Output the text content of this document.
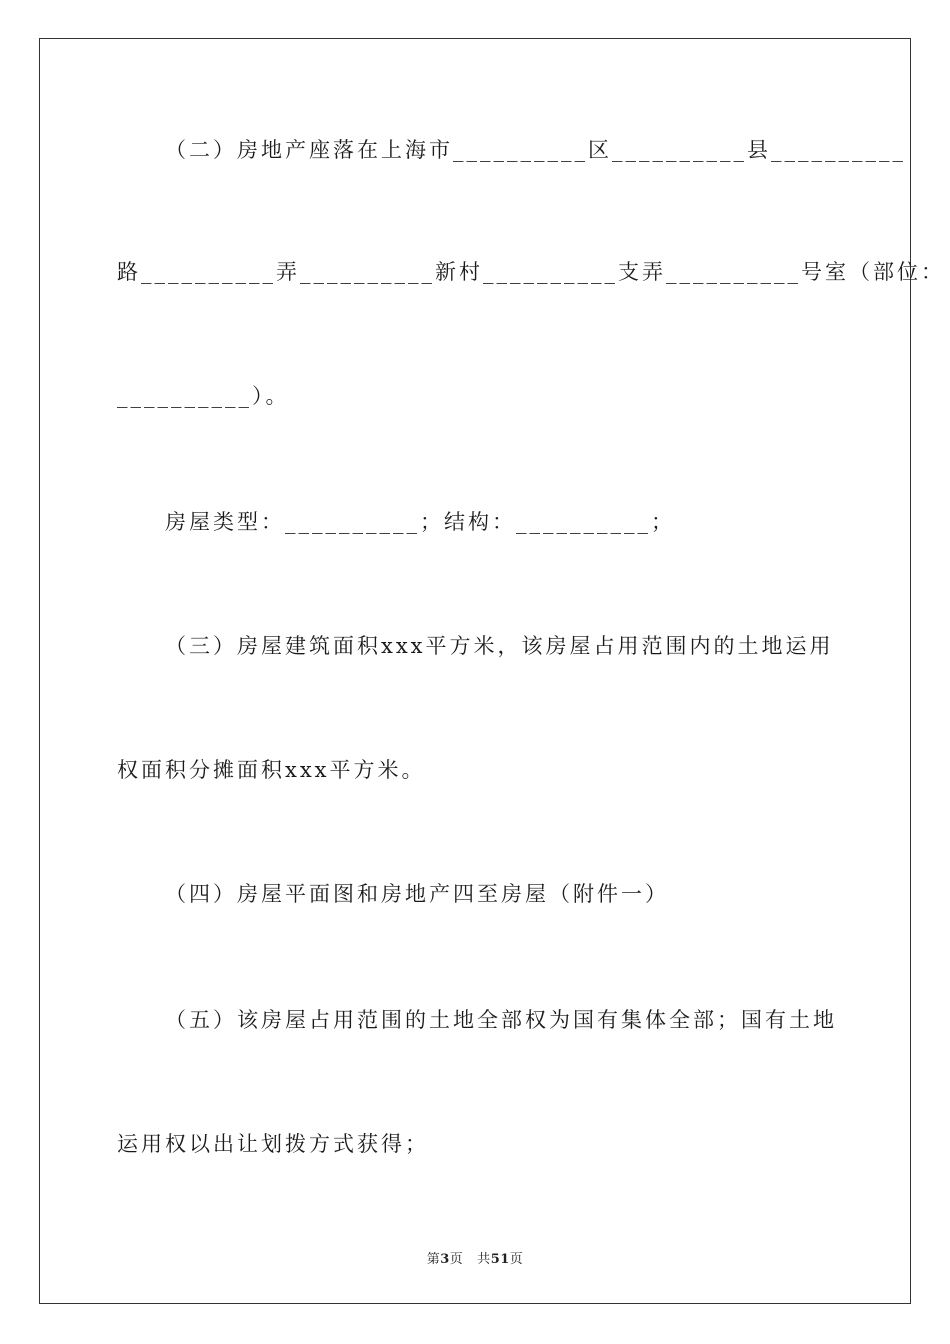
（二）房地产座落在上海市__________区__________县__________
路__________弄__________新村__________支弄__________号室（部位：
__________）。
房屋类型：__________；结构：__________；
（三）房屋建筑面积xxx平方米，该房屋占用范围内的土地运用
权面积分摊面积xxx平方米。
（四）房屋平面图和房地产四至房屋（附件一）
（五）该房屋占用范围的土地全部权为国有集体全部；国有土地
运用权以出让划拨方式获得；
第3页 共51页
